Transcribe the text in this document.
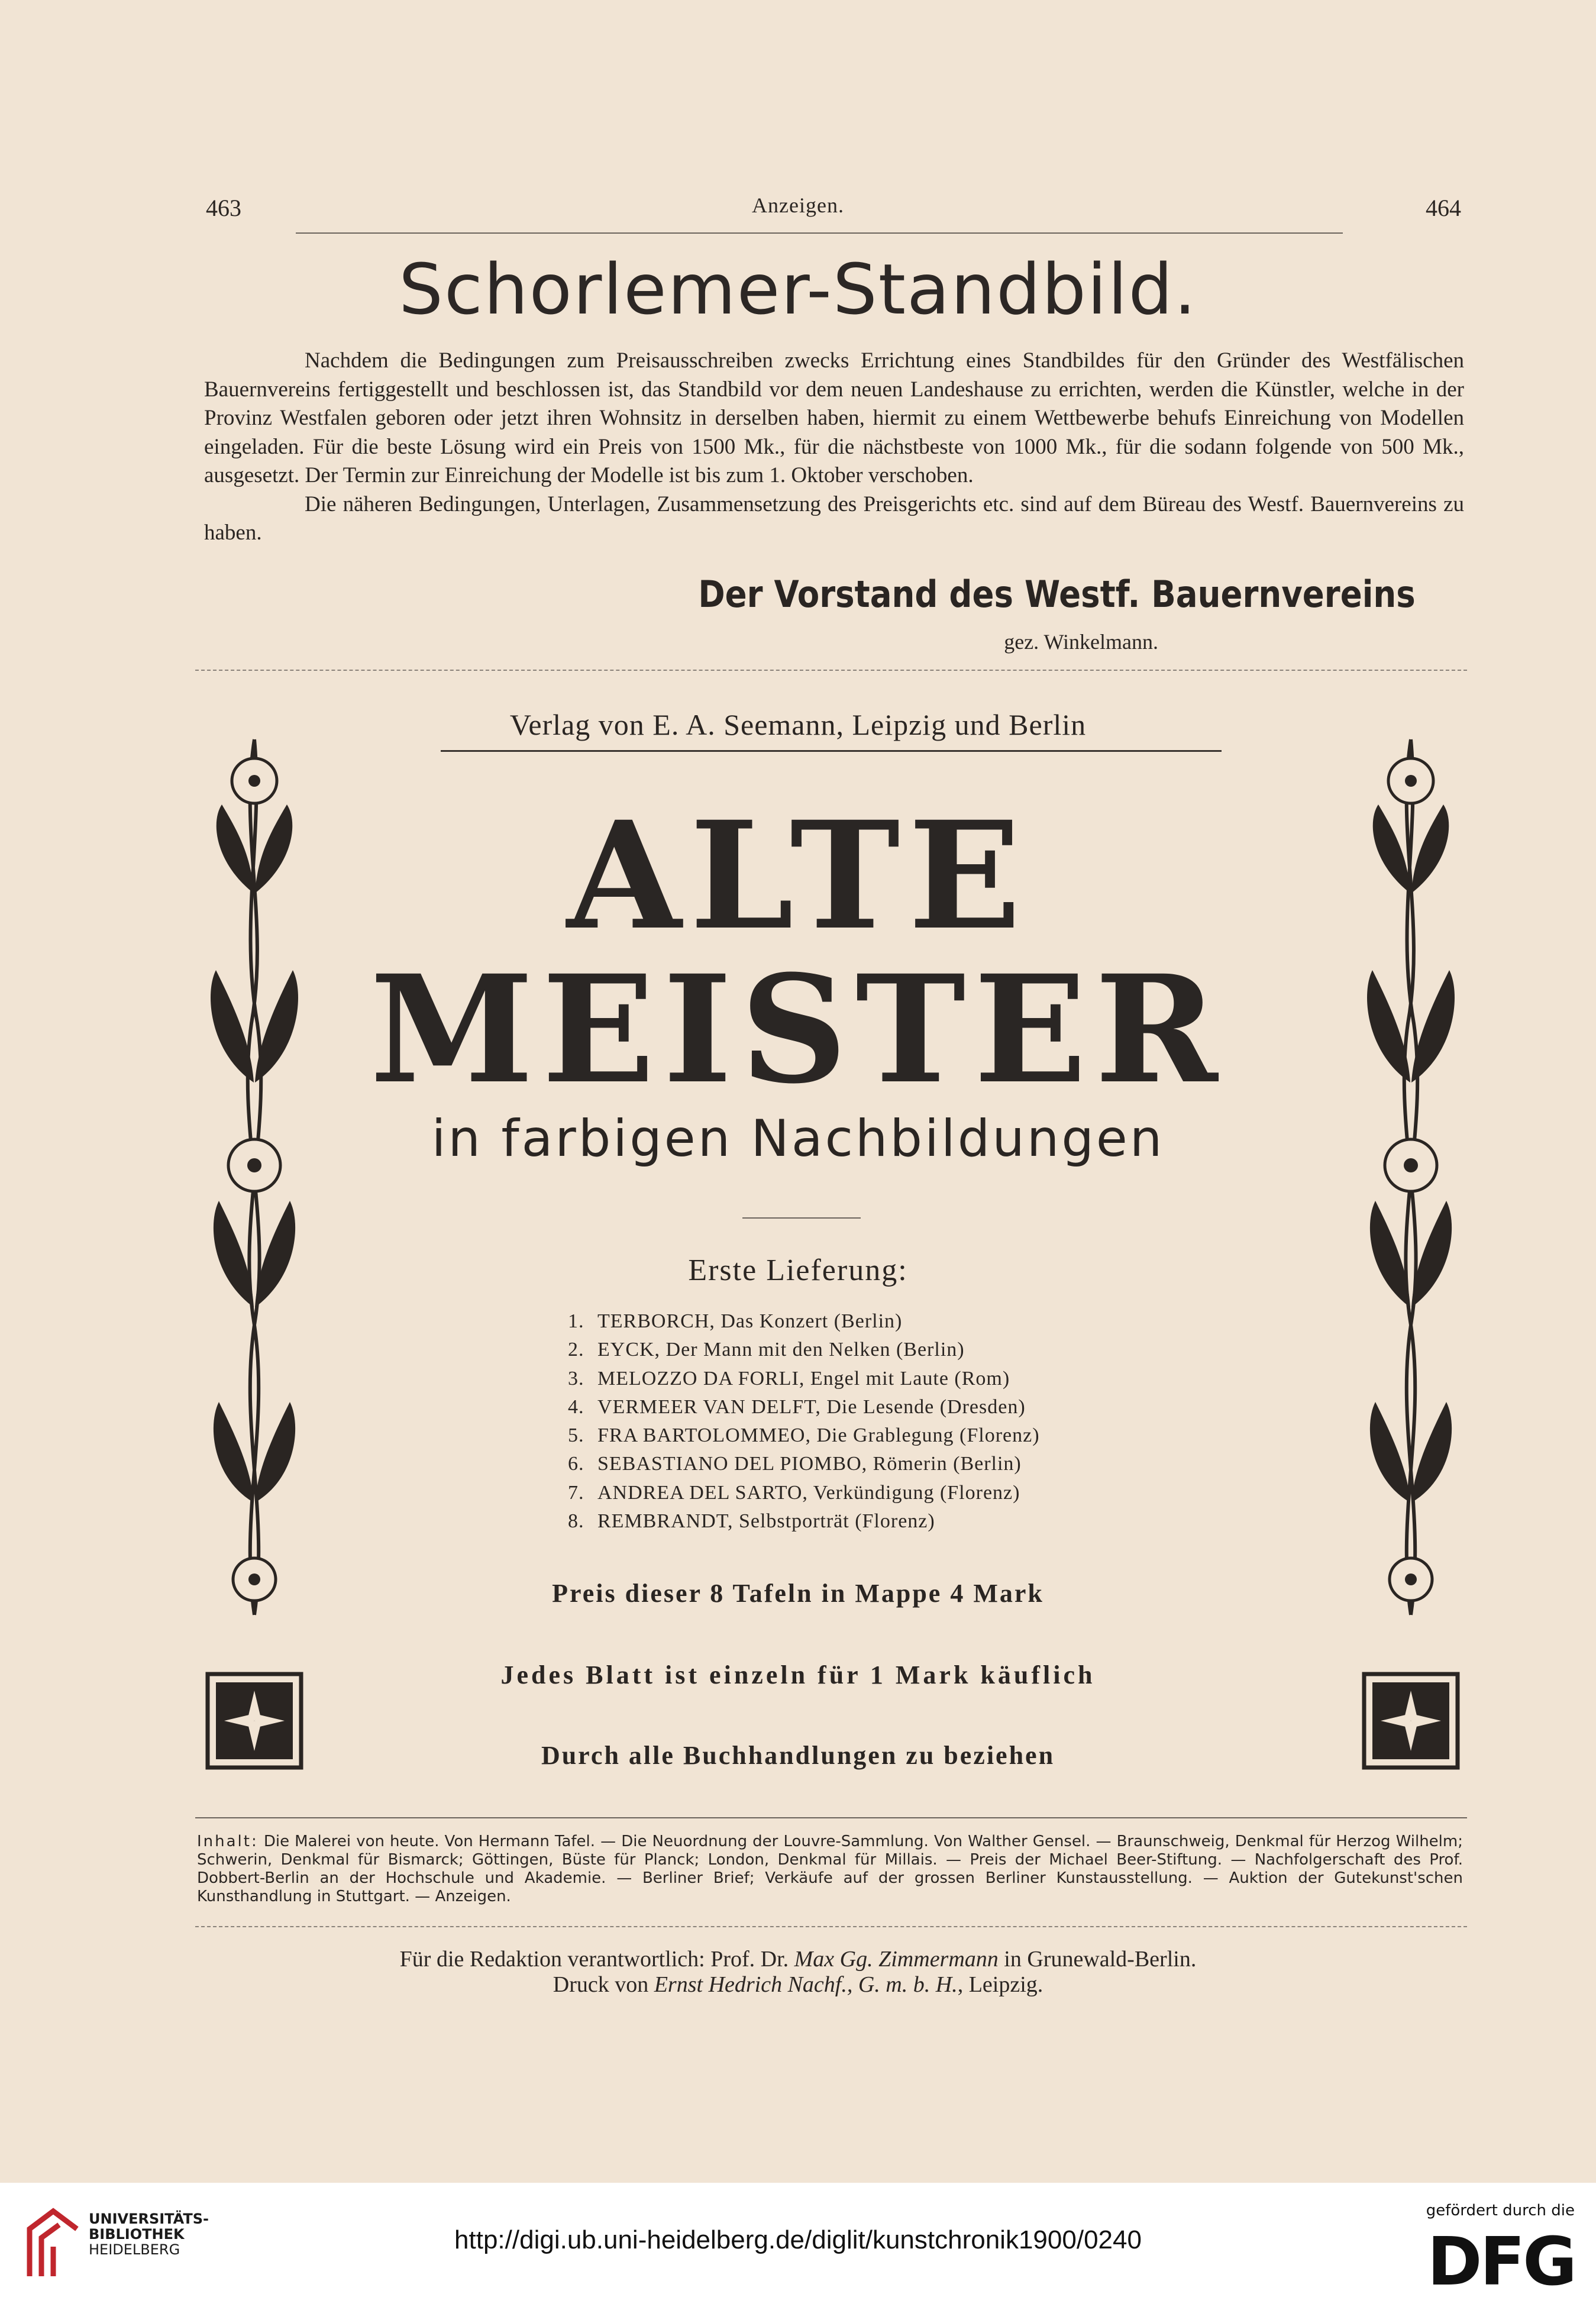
463	Anzeigen.	464
Schorlemer-Standbild.

Nachdem die Bedingungen zum Preisausschreiben zwecks Errichtung eines Standbildes für den Gründer des Westfälischen Bauernvereins fertiggestellt und beschlossen ist, das Standbild vor dem neuen Landeshause zu errichten, werden die Künstler, welche in der Provinz Westfalen geboren oder jetzt ihren Wohnsitz in derselben haben, hiermit zu einem Wettbewerbe behufs Einreichung von Modellen eingeladen. Für die beste Lösung wird ein Preis von 1500 Mk., für die nächstbeste von 1000 Mk., für die sodann folgende von 500 Mk., ausgesetzt. Der Termin zur Einreichung der Modelle ist bis zum 1. Oktober verschoben.

Die näheren Bedingungen, Unterlagen, Zusammensetzung des Preisgerichts etc. sind auf dem Büreau des Westf. Bauernvereins zu haben.

Der Vorstand des Westf. Bauernvereins
gez. Winkelmann.
Verlag von E. A. Seemann, Leipzig und Berlin
ALTE
MEISTER
in farbigen Nachbildungen
Erste Lieferung:
1. TERBORCH, Das Konzert (Berlin)
2. EYCK, Der Mann mit den Nelken (Berlin)
3. MELOZZO DA FORLI, Engel mit Laute (Rom)
4. VERMEER VAN DELFT, Die Lesende (Dresden)
5. FRA BARTOLOMMEO, Die Grablegung (Florenz)
6. SEBASTIANO DEL PIOMBO, Römerin (Berlin)
7. ANDREA DEL SARTO, Verkündigung (Florenz)
8. REMBRANDT, Selbstporträt (Florenz)
Preis dieser 8 Tafeln in Mappe 4 Mark
Jedes Blatt ist einzeln für 1 Mark käuflich
Durch alle Buchhandlungen zu beziehen
Inhalt: Die Malerei von heute. Von Hermann Tafel. — Die Neuordnung der Louvre-Sammlung. Von Walther Gensel. — Braunschweig, Denkmal für Herzog Wilhelm; Schwerin, Denkmal für Bismarck; Göttingen, Büste für Planck; London, Denkmal für Millais. — Preis der Michael Beer-Stiftung. — Nachfolgerschaft des Prof. Dobbert-Berlin an der Hochschule und Akademie. — Berliner Brief; Verkäufe auf der grossen Berliner Kunstausstellung. — Auktion der Gutekunst'schen Kunsthandlung in Stuttgart. — Anzeigen.
Für die Redaktion verantwortlich: Prof. Dr. Max Gg. Zimmermann in Grunewald-Berlin.
Druck von Ernst Hedrich Nachf., G. m. b. H., Leipzig.
UNIVERSITÄTS-
BIBLIOTHEK
HEIDELBERG	http://digi.ub.uni-heidelberg.de/diglit/kunstchronik1900/0240
gefördert durch die
DFG
